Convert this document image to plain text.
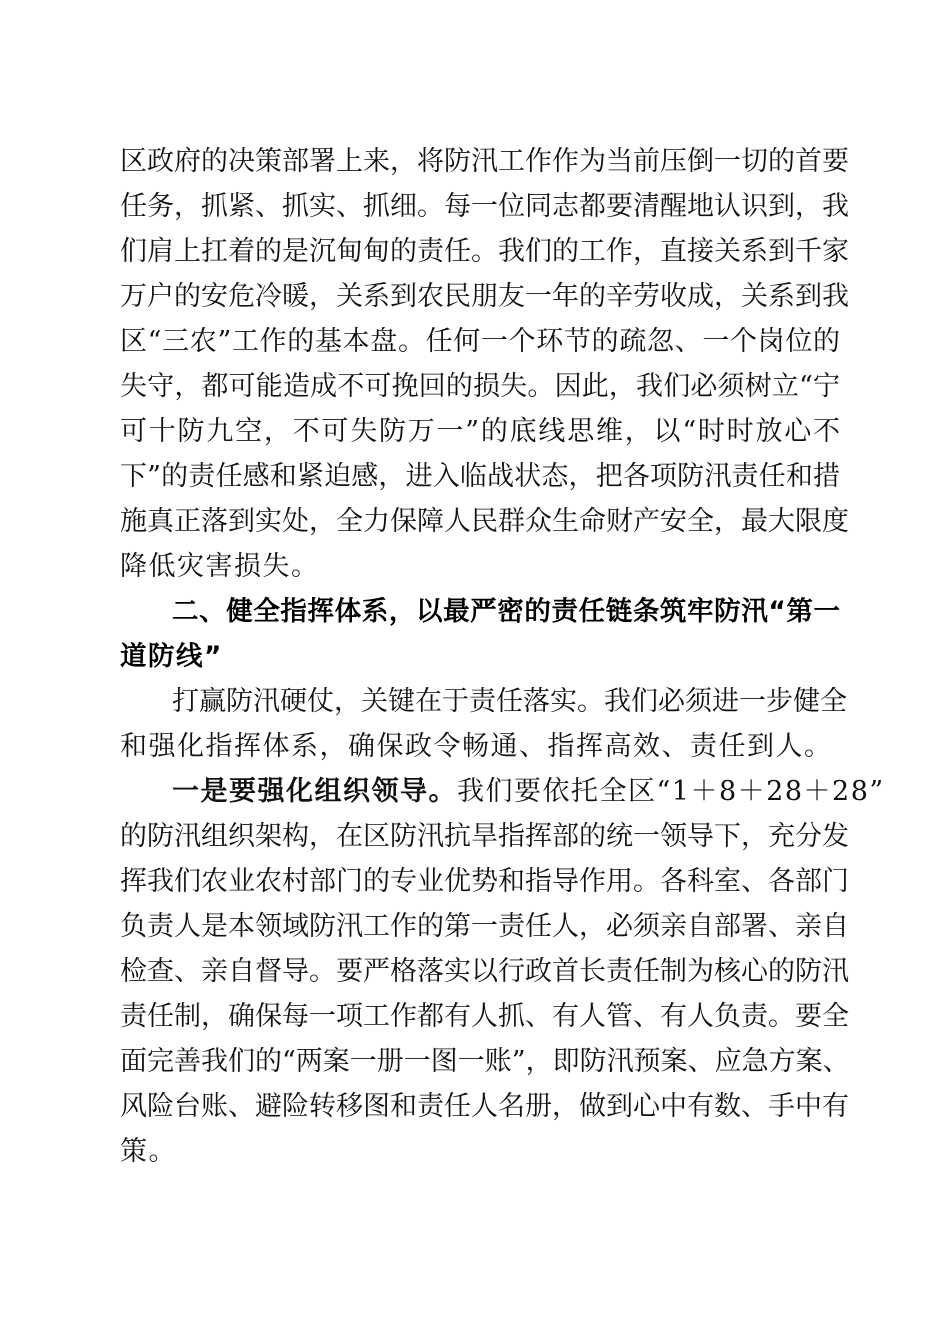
区政府的决策部署上来，将防汛工作作为当前压倒一切的首要
任务，抓紧、抓实、抓细。每一位同志都要清醒地认识到，我
们肩上扛着的是沉甸甸的责任。我们的工作，直接关系到千家
万户的安危冷暖，关系到农民朋友一年的辛劳收成，关系到我
区“三农”工作的基本盘。任何一个环节的疏忽、一个岗位的
失守，都可能造成不可挽回的损失。因此，我们必须树立“宁
可十防九空，不可失防万一”的底线思维，以“时时放心不
下”的责任感和紧迫感，进入临战状态，把各项防汛责任和措
施真正落到实处，全力保障人民群众生命财产安全，最大限度
降低灾害损失。
二、健全指挥体系，以最严密的责任链条筑牢防汛“第一
道防线”
打赢防汛硬仗，关键在于责任落实。我们必须进一步健全
和强化指挥体系，确保政令畅通、指挥高效、责任到人。
一是要强化组织领导。我们要依托全区“1＋8＋28＋28”
的防汛组织架构，在区防汛抗旱指挥部的统一领导下，充分发
挥我们农业农村部门的专业优势和指导作用。各科室、各部门
负责人是本领域防汛工作的第一责任人，必须亲自部署、亲自
检查、亲自督导。要严格落实以行政首长责任制为核心的防汛
责任制，确保每一项工作都有人抓、有人管、有人负责。要全
面完善我们的“两案一册一图一账”，即防汛预案、应急方案、
风险台账、避险转移图和责任人名册，做到心中有数、手中有
策。
